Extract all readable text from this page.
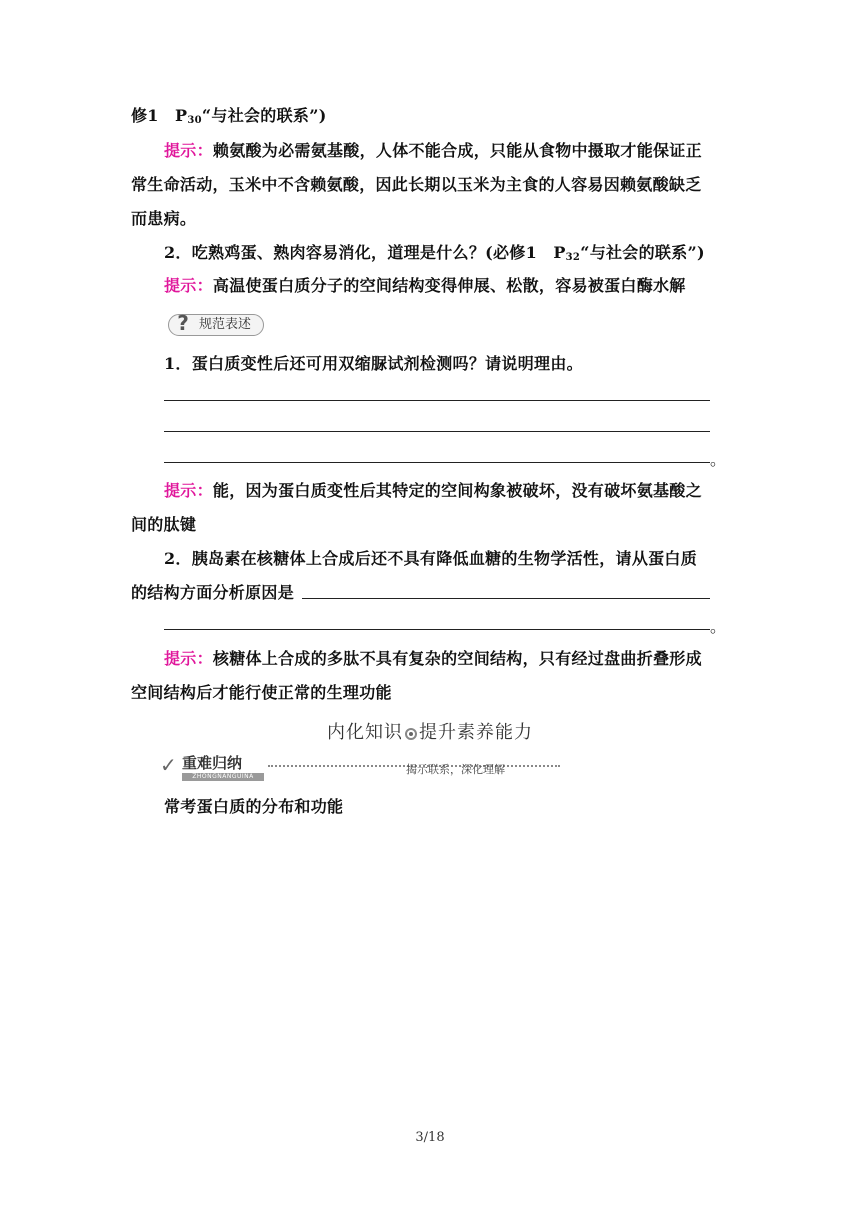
修1　$P_{30}“$与社会的联系”)
提示：赖氨酸为必需氨基酸，人体不能合成，只能从食物中摄取才能保证正
常生命活动，玉米中不含赖氨酸，因此长期以玉米为主食的人容易因赖氨酸缺乏
而患病。
2．吃熟鸡蛋、熟肉容易消化，道理是什么？(必修1　$P_{32}“$与社会的联系”)
提示：高温使蛋白质分子的空间结构变得伸展、松散，容易被蛋白酶水解
? 规范表述
1．蛋白质变性后还可用双缩脲试剂检测吗？请说明理由。
。
提示：能，因为蛋白质变性后其特定的空间构象被破坏，没有破坏氨基酸之
间的肽键
2．胰岛素在核糖体上合成后还不具有降低血糖的生物学活性，请从蛋白质
的结构方面分析原因是
。
提示：核糖体上合成的多肽不具有复杂的空间结构，只有经过盘曲折叠形成
空间结构后才能行使正常的生理功能
内化知识 提升素养能力
✓ 重难归纳
ZHONGNANGUINA
揭示联系，深化理解
常考蛋白质的分布和功能
3/18
